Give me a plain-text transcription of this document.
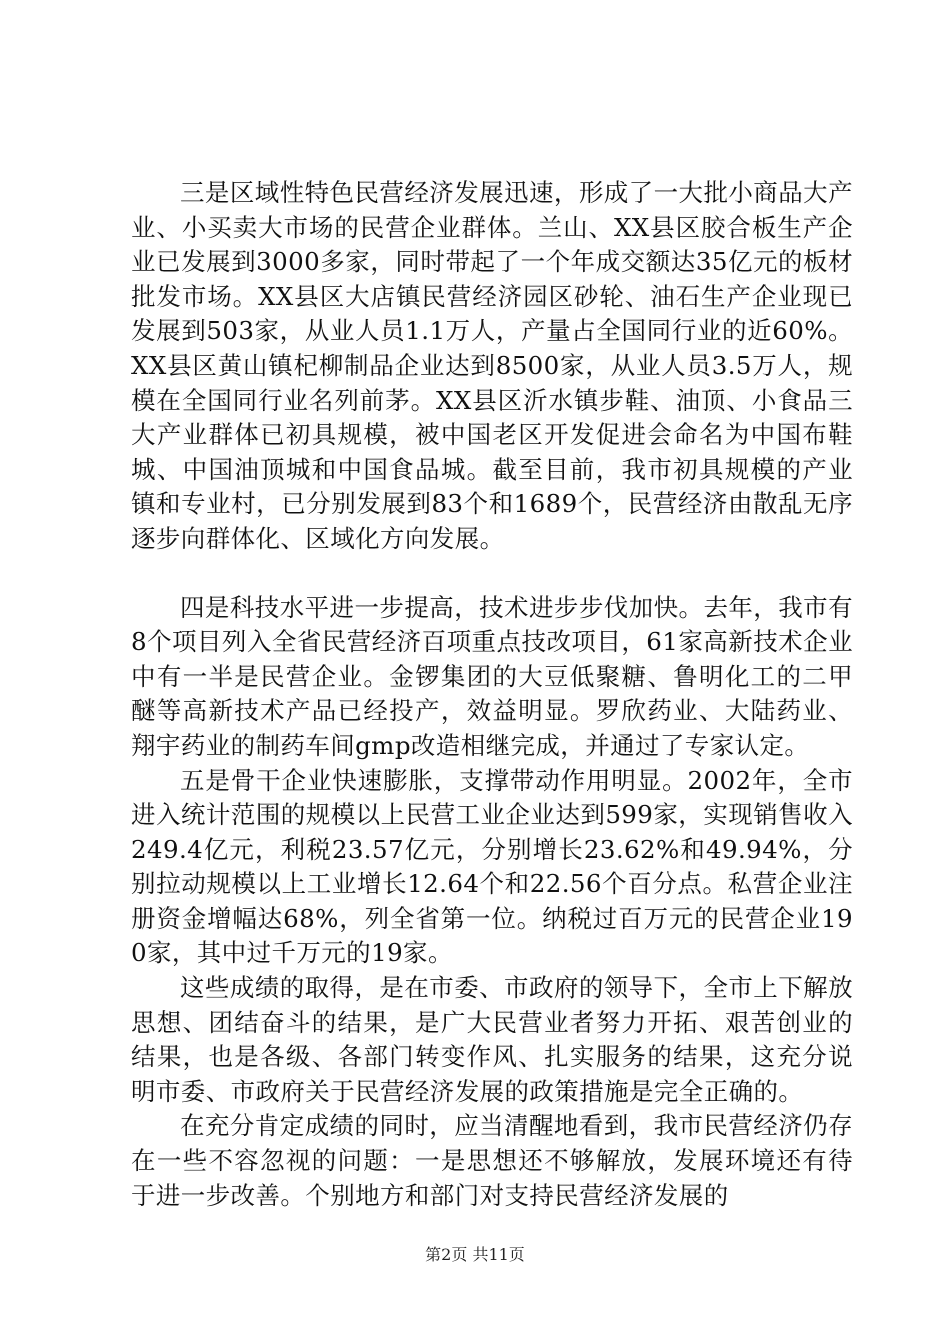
三是区域性特色民营经济发展迅速，形成了一大批小商品大产业、小买卖大市场的民营企业群体。兰山、XX县区胶合板生产企业已发展到3000多家，同时带起了一个年成交额达35亿元的板材批发市场。XX县区大店镇民营经济园区砂轮、油石生产企业现已发展到503家，从业人员1.1万人，产量占全国同行业的近60%。XX县区黄山镇杞柳制品企业达到8500家，从业人员3.5万人，规模在全国同行业名列前茅。XX县区沂水镇步鞋、油顶、小食品三大产业群体已初具规模，被中国老区开发促进会命名为中国布鞋城、中国油顶城和中国食品城。截至目前，我市初具规模的产业镇和专业村，已分别发展到83个和1689个，民营经济由散乱无序逐步向群体化、区域化方向发展。

四是科技水平进一步提高，技术进步步伐加快。去年，我市有8个项目列入全省民营经济百项重点技改项目，61家高新技术企业中有一半是民营企业。金锣集团的大豆低聚糖、鲁明化工的二甲醚等高新技术产品已经投产，效益明显。罗欣药业、大陆药业、翔宇药业的制药车间gmp改造相继完成，并通过了专家认定。

五是骨干企业快速膨胀，支撑带动作用明显。2002年，全市进入统计范围的规模以上民营工业企业达到599家，实现销售收入249.4亿元，利税23.57亿元，分别增长23.62%和49.94%，分别拉动规模以上工业增长12.64个和22.56个百分点。私营企业注册资金增幅达68%，列全省第一位。纳税过百万元的民营企业190家，其中过千万元的19家。

这些成绩的取得，是在市委、市政府的领导下，全市上下解放思想、团结奋斗的结果，是广大民营业者努力开拓、艰苦创业的结果，也是各级、各部门转变作风、扎实服务的结果，这充分说明市委、市政府关于民营经济发展的政策措施是完全正确的。

在充分肯定成绩的同时，应当清醒地看到，我市民营经济仍存在一些不容忽视的问题：一是思想还不够解放，发展环境还有待于进一步改善。个别地方和部门对支持民营经济发展的

第2页 共11页
